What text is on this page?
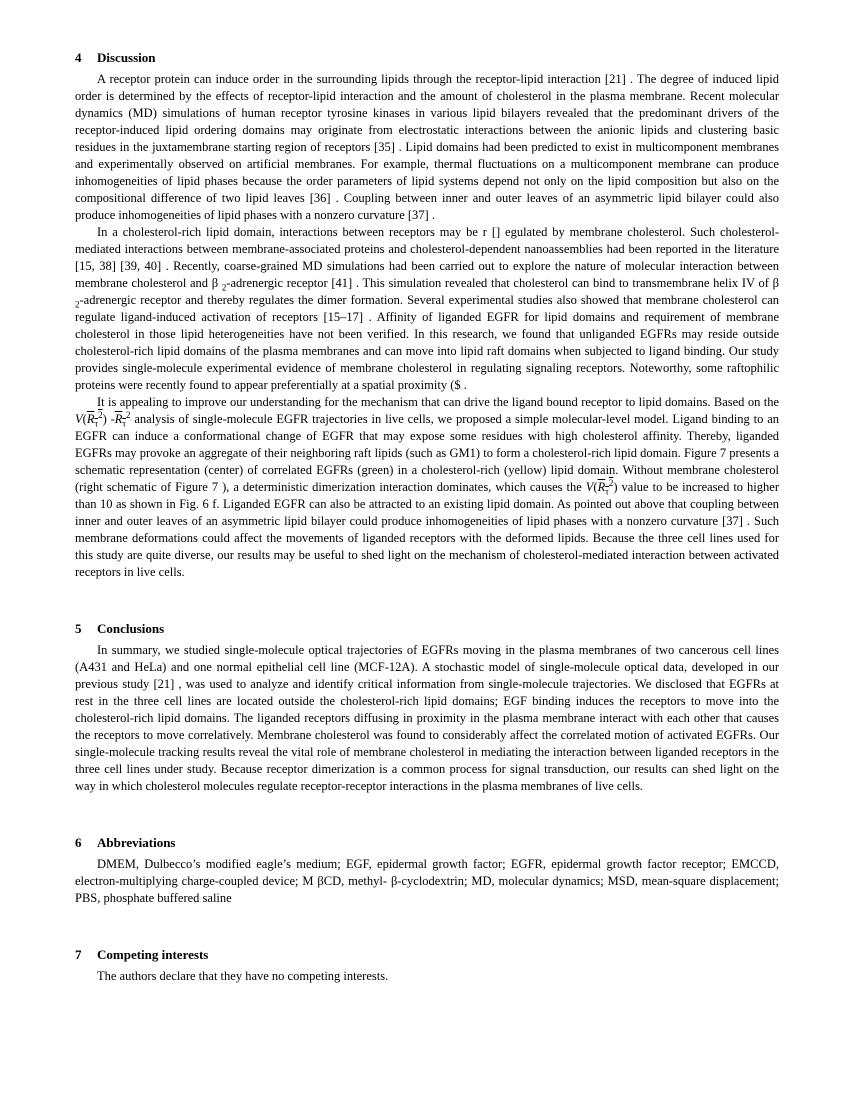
4 Discussion

A receptor protein can induce order in the surrounding lipids through the receptor-lipid interaction [21] . The degree of induced lipid order is determined by the effects of receptor-lipid interaction and the amount of cholesterol in the plasma membrane. Recent molecular dynamics (MD) simulations of human receptor tyrosine kinases in various lipid bilayers revealed that the predominant drivers of the receptor-induced lipid ordering domains may originate from electrostatic interactions between the anionic lipids and clustering basic residues in the juxtamembrane starting region of receptors [35] . Lipid domains had been predicted to exist in multicomponent membranes and experimentally observed on artificial membranes. For example, thermal fluctuations on a multicomponent membrane can produce inhomogeneities of lipid phases because the order parameters of lipid systems depend not only on the lipid composition but also on the compositional difference of two lipid leaves [36] . Coupling between inner and outer leaves of an asymmetric lipid bilayer could also produce inhomogeneities of lipid phases with a nonzero curvature [37] .

In a cholesterol-rich lipid domain, interactions between receptors may be r [] egulated by membrane cholesterol. Such cholesterol-mediated interactions between membrane-associated proteins and cholesterol-dependent nanoassemblies had been reported in the literature [15, 38] [39, 40] . Recently, coarse-grained MD simulations had been carried out to explore the nature of molecular interaction between membrane cholesterol and β $_2$-adrenergic receptor [41] . This simulation revealed that cholesterol can bind to transmembrane helix IV of β $_2$-adrenergic receptor and thereby regulates the dimer formation. Several experimental studies also showed that membrane cholesterol can regulate ligand-induced activation of receptors [15–17] . Affinity of liganded EGFR for lipid domains and requirement of membrane cholesterol in those lipid heterogeneities have not been verified. In this research, we found that unliganded EGFRs may reside outside cholesterol-rich lipid domains of the plasma membranes and can move into lipid raft domains when subjected to ligand binding. Our study provides single-molecule experimental evidence of membrane cholesterol in regulating signaling receptors. Noteworthy, some raftophilic proteins were recently found to appear preferentially at a spatial proximity ($ .

It is appealing to improve our understanding for the mechanism that can drive the ligand bound receptor to lipid domains. Based on the $V(R_\tau^2)$ $-R_\tau^2$ analysis of single-molecule EGFR trajectories in live cells, we proposed a simple molecular-level model. Ligand binding to an EGFR can induce a conformational change of EGFR that may expose some residues with high cholesterol affinity. Thereby, liganded EGFRs may provoke an aggregate of their neighboring raft lipids (such as GM1) to form a cholesterol-rich lipid domain. Figure 7 presents a schematic representation (center) of correlated EGFRs (green) in a cholesterol-rich (yellow) lipid domain. Without membrane cholesterol (right schematic of Figure 7 ), a deterministic dimerization interaction dominates, which causes the $V(R_\tau^2)$ value to be increased to higher than 10 as shown in Fig. 6 f. Liganded EGFR can also be attracted to an existing lipid domain. As pointed out above that coupling between inner and outer leaves of an asymmetric lipid bilayer could produce inhomogeneities of lipid phases with a nonzero curvature [37] . Such membrane deformations could affect the movements of liganded receptors with the deformed lipids. Because the three cell lines used for this study are quite diverse, our results may be useful to shed light on the mechanism of cholesterol-mediated interaction between activated receptors in live cells.

5 Conclusions

In summary, we studied single-molecule optical trajectories of EGFRs moving in the plasma membranes of two cancerous cell lines (A431 and HeLa) and one normal epithelial cell line (MCF-12A). A stochastic model of single-molecule optical data, developed in our previous study [21] , was used to analyze and identify critical information from single-molecule trajectories. We disclosed that EGFRs at rest in the three cell lines are located outside the cholesterol-rich lipid domains; EGF binding induces the receptors to move into the cholesterol-rich lipid domains. The liganded receptors diffusing in proximity in the plasma membrane interact with each other that causes the receptors to move correlatively. Membrane cholesterol was found to considerably affect the correlated motion of activated EGFRs. Our single-molecule tracking results reveal the vital role of membrane cholesterol in mediating the interaction between liganded receptors in the three cell lines under study. Because receptor dimerization is a common process for signal transduction, our results can shed light on the way in which cholesterol molecules regulate receptor-receptor interactions in the plasma membranes of live cells.

6 Abbreviations

DMEM, Dulbecco’s modified eagle’s medium; EGF, epidermal growth factor; EGFR, epidermal growth factor receptor; EMCCD, electron-multiplying charge-coupled device; M βCD, methyl- β-cyclodextrin; MD, molecular dynamics; MSD, mean-square displacement; PBS, phosphate buffered saline

7 Competing interests

The authors declare that they have no competing interests.
